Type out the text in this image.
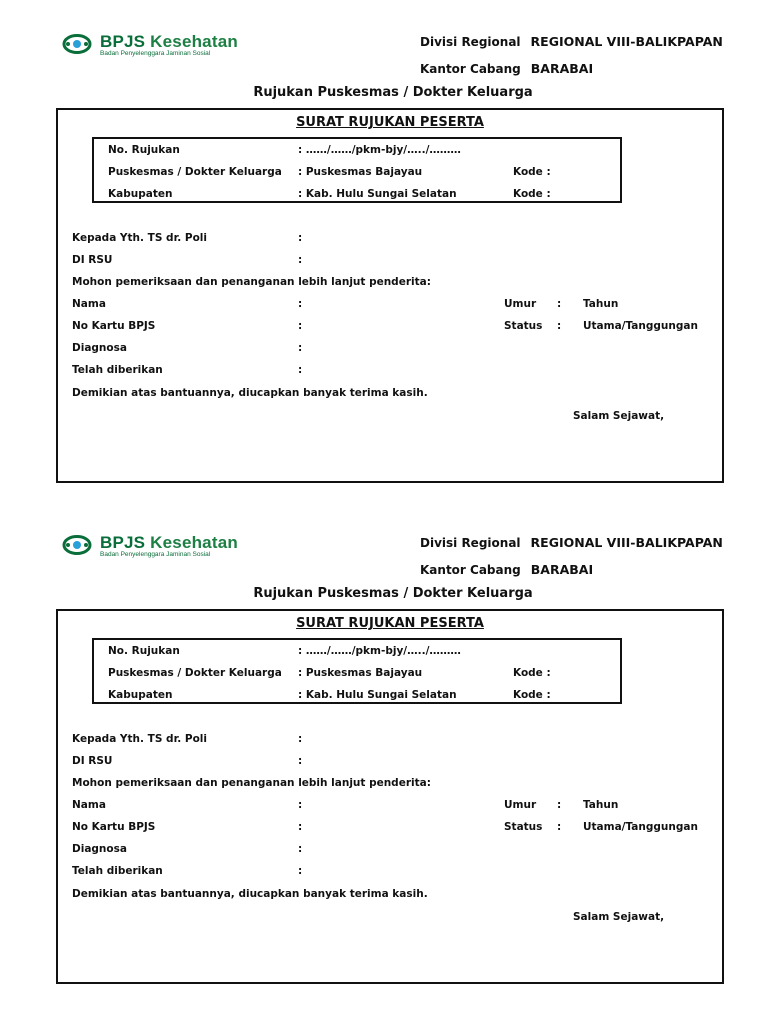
BPJS Kesehatan
Badan Penyelenggara Jaminan Sosial
Divisi Regional REGIONAL VIII-BALIKPAPAN
Kantor Cabang BARABAI
Rujukan Puskesmas / Dokter Keluarga
SURAT RUJUKAN PESERTA
No. Rujukan	: ……/……/pkm-bjy/…../………
Puskesmas / Dokter Keluarga : Puskesmas Bajayau	Kode :
Kabupaten	: Kab. Hulu Sungai Selatan	Kode :
Kepada Yth. TS dr. Poli	:
DI RSU	:
Mohon pemeriksaan dan penanganan lebih lanjut penderita:
Nama	:	Umur : Tahun
No Kartu BPJS	:	Status : Utama/Tanggungan
Diagnosa	:
Telah diberikan	:
Demikian atas bantuannya, diucapkan banyak terima kasih.
Salam Sejawat,
BPJS Kesehatan
Badan Penyelenggara Jaminan Sosial
Divisi Regional REGIONAL VIII-BALIKPAPAN
Kantor Cabang BARABAI
Rujukan Puskesmas / Dokter Keluarga
SURAT RUJUKAN PESERTA
No. Rujukan	: ……/……/pkm-bjy/…../………
Puskesmas / Dokter Keluarga : Puskesmas Bajayau	Kode :
Kabupaten	: Kab. Hulu Sungai Selatan	Kode :
Kepada Yth. TS dr. Poli	:
DI RSU	:
Mohon pemeriksaan dan penanganan lebih lanjut penderita:
Nama	:	Umur : Tahun
No Kartu BPJS	:	Status : Utama/Tanggungan
Diagnosa	:
Telah diberikan	:
Demikian atas bantuannya, diucapkan banyak terima kasih.
Salam Sejawat,
